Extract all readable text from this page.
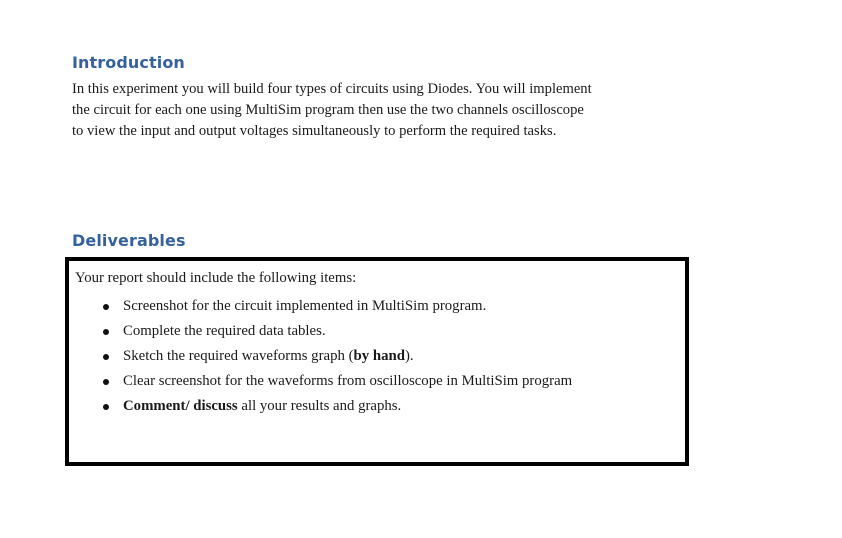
Introduction

In this experiment you will build four types of circuits using Diodes. You will implement
the circuit for each one using MultiSim program then use the two channels oscilloscope
to view the input and output voltages simultaneously to perform the required tasks.

Deliverables

Your report should include the following items:

Screenshot for the circuit implemented in MultiSim program.
Complete the required data tables.
Sketch the required waveforms graph (by hand).
Clear screenshot for the waveforms from oscilloscope in MultiSim program
Comment/ discuss all your results and graphs.
